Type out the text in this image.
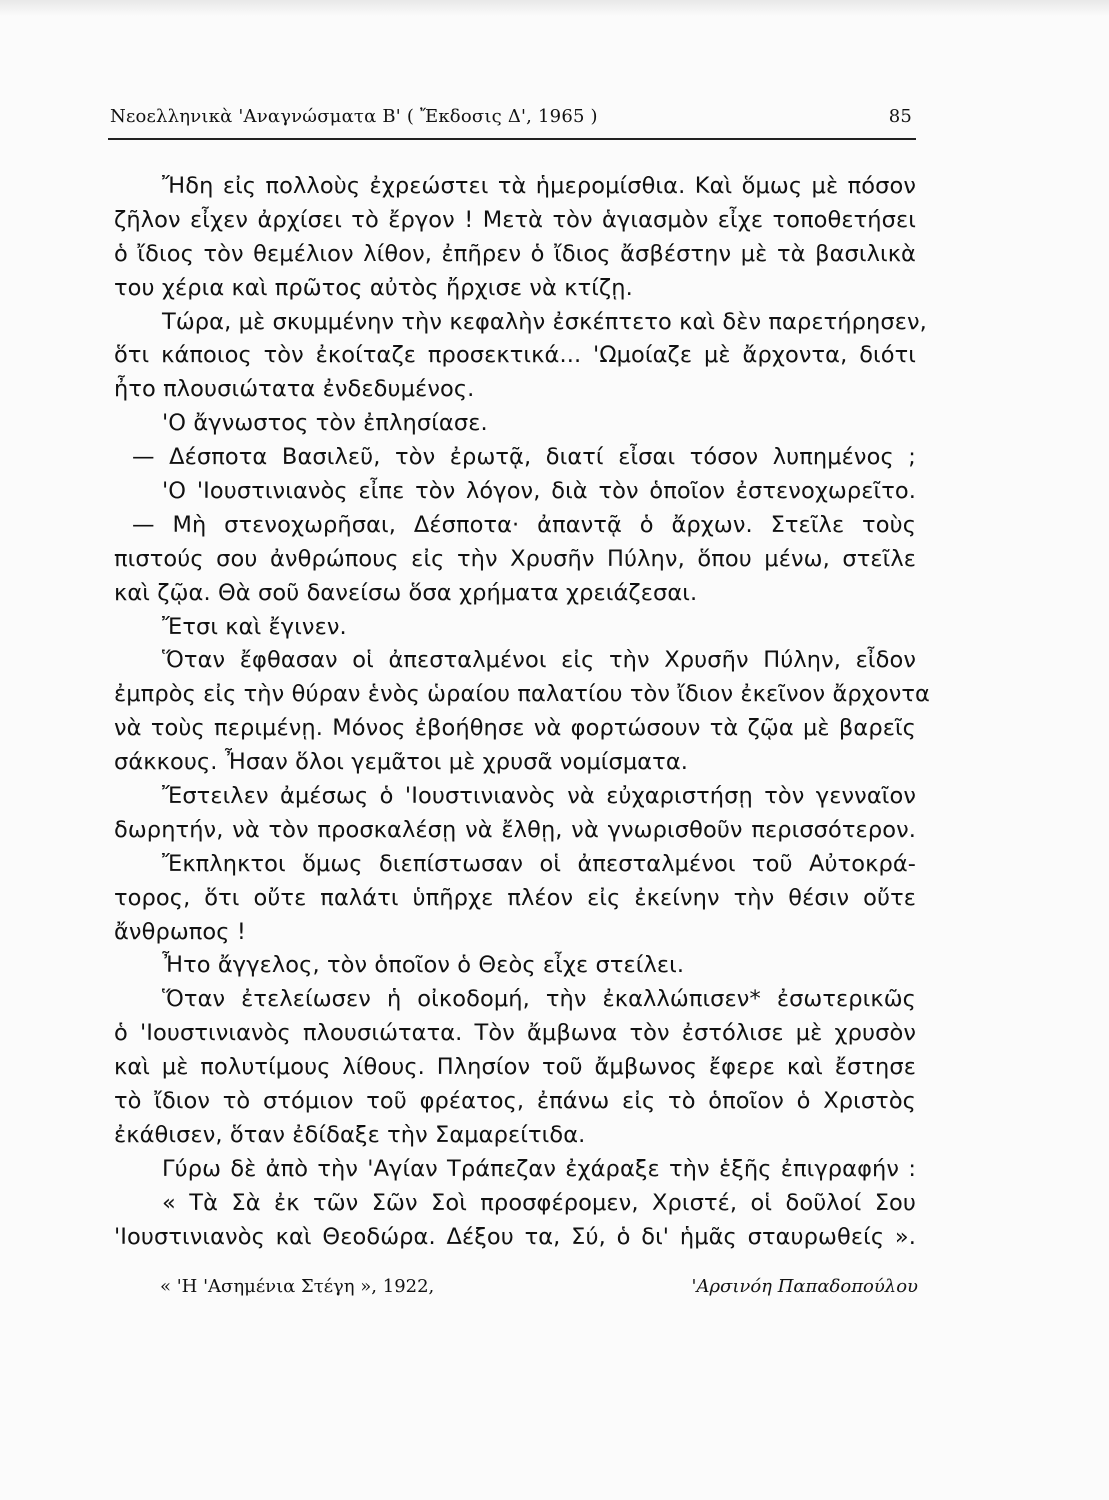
Νεοελληνικὰ 'Αναγνώσματα Β' ( Ἔκδοσις Δ', 1965 )	85
Ἤδη εἰς πολλοὺς ἐχρεώστει τὰ ἡμερομίσθια. Καὶ ὅμως μὲ πόσον
ζῆλον εἶχεν ἀρχίσει τὸ ἔργον ! Μετὰ τὸν ἁγιασμὸν εἶχε τοποθετήσει
ὁ ἴδιος τὸν θεμέλιον λίθον, ἐπῆρεν ὁ ἴδιος ἄσβέστην μὲ τὰ βασιλικὰ
του χέρια καὶ πρῶτος αὐτὸς ἤρχισε νὰ κτίζῃ.
Τώρα, μὲ σκυμμένην τὴν κεφαλὴν ἐσκέπτετο καὶ δὲν παρετήρησεν,
ὅτι κάποιος τὸν ἐκοίταζε προσεκτικά... 'Ωμοίαζε μὲ ἄρχοντα, διότι
ἦτο πλουσιώτατα ἐνδεδυμένος.
'Ο ἄγνωστος τὸν ἐπλησίασε.
— Δέσποτα Βασιλεῦ, τὸν ἐρωτᾷ, διατί εἶσαι τόσον λυπημένος ;
'Ο 'Ιουστινιανὸς εἶπε τὸν λόγον, διὰ τὸν ὁποῖον ἐστενοχωρεῖτο.
— Μὴ στενοχωρῆσαι, Δέσποτα· ἀπαντᾷ ὁ ἄρχων. Στεῖλε τοὺς
πιστούς σου ἀνθρώπους εἰς τὴν Χρυσῆν Πύλην, ὅπου μένω, στεῖλε
καὶ ζῷα. Θὰ σοῦ δανείσω ὅσα χρήματα χρειάζεσαι.
Ἔτσι καὶ ἔγινεν.
Ὅταν ἔφθασαν οἱ ἀπεσταλμένοι εἰς τὴν Χρυσῆν Πύλην, εἶδον
ἐμπρὸς εἰς τὴν θύραν ἑνὸς ὡραίου παλατίου τὸν ἴδιον ἐκεῖνον ἄρχοντα
νὰ τοὺς περιμένῃ. Μόνος ἐβοήθησε νὰ φορτώσουν τὰ ζῷα μὲ βαρεῖς
σάκκους. Ἦσαν ὅλοι γεμᾶτοι μὲ χρυσᾶ νομίσματα.
Ἔστειλεν ἀμέσως ὁ 'Ιουστινιανὸς νὰ εὐχαριστήσῃ τὸν γενναῖον
δωρητήν, νὰ τὸν προσκαλέσῃ νὰ ἔλθῃ, νὰ γνωρισθοῦν περισσότερον.
Ἔκπληκτοι ὅμως διεπίστωσαν οἱ ἀπεσταλμένοι τοῦ Αὐτοκρά-
τορος, ὅτι οὔτε παλάτι ὑπῆρχε πλέον εἰς ἐκείνην τὴν θέσιν οὔτε
ἄνθρωπος !
Ἦτο ἄγγελος, τὸν ὁποῖον ὁ Θεὸς εἶχε στείλει.
Ὅταν ἐτελείωσεν ἡ οἰκοδομή, τὴν ἐκαλλώπισεν* ἐσωτερικῶς
ὁ 'Ιουστινιανὸς πλουσιώτατα. Τὸν ἄμβωνα τὸν ἐστόλισε μὲ χρυσὸν
καὶ μὲ πολυτίμους λίθους. Πλησίον τοῦ ἄμβωνος ἔφερε καὶ ἔστησε
τὸ ἴδιον τὸ στόμιον τοῦ φρέατος, ἐπάνω εἰς τὸ ὁποῖον ὁ Χριστὸς
ἐκάθισεν, ὅταν ἐδίδαξε τὴν Σαμαρείτιδα.
Γύρω δὲ ἀπὸ τὴν 'Αγίαν Τράπεζαν ἐχάραξε τὴν ἑξῆς ἐπιγραφήν :
« Τὰ Σὰ ἐκ τῶν Σῶν Σοὶ προσφέρομεν, Χριστέ, οἱ δοῦλοί Σου
'Ιουστινιανὸς καὶ Θεοδώρα. Δέξου τα, Σύ, ὁ δι' ἡμᾶς σταυρωθείς ».
« 'Η 'Ασημένια Στέγη », 1922,	'Αρσινόη Παπαδοπούλου
